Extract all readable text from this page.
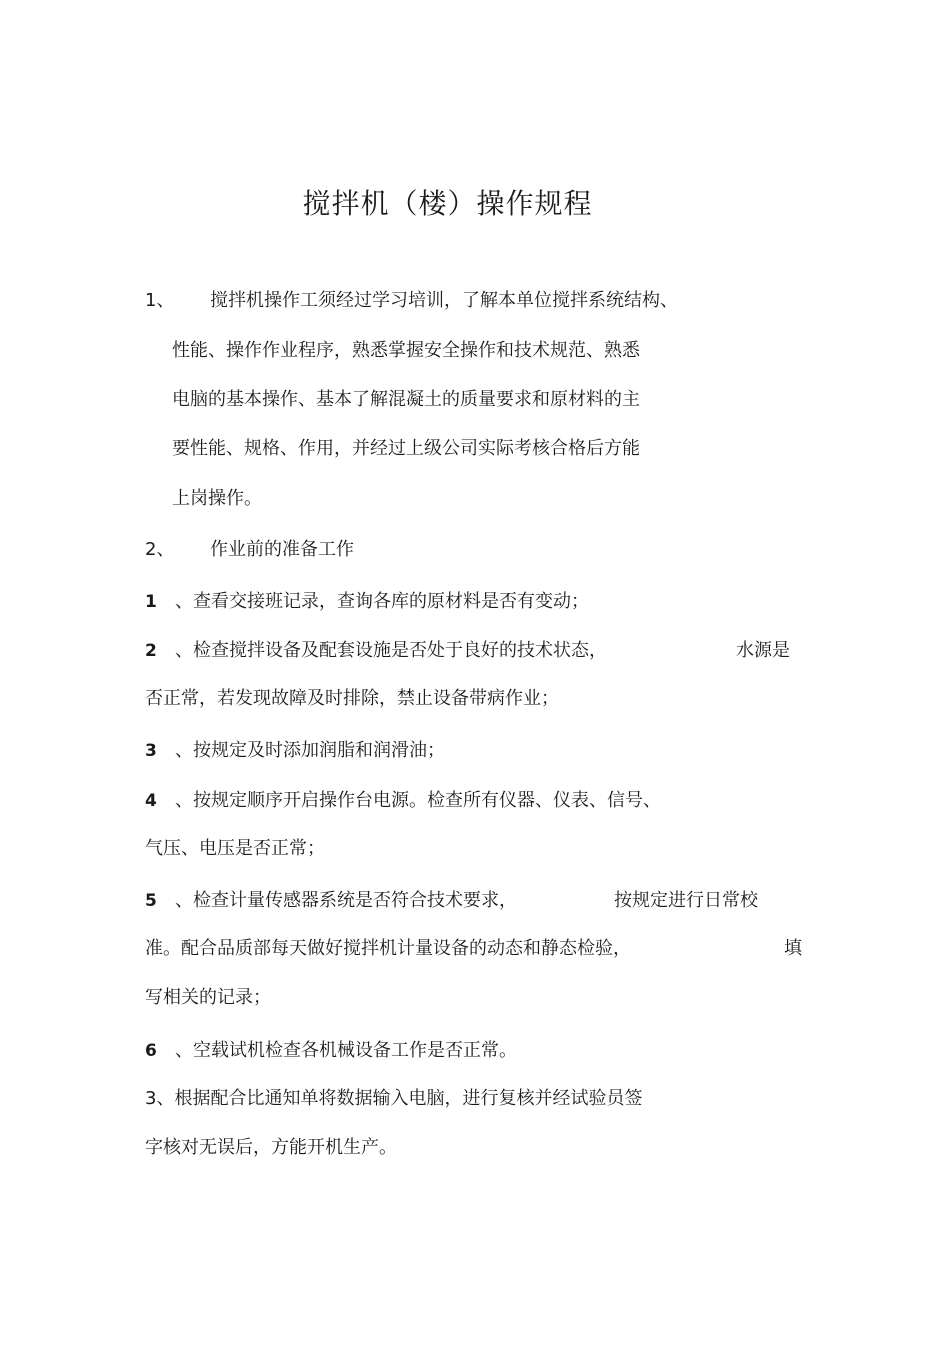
搅拌机（楼）操作规程
1、 搅拌机操作工须经过学习培训，了解本单位搅拌系统结构、
性能、操作作业程序，熟悉掌握安全操作和技术规范、熟悉
电脑的基本操作、基本了解混凝土的质量要求和原材料的主
要性能、规格、作用，并经过上级公司实际考核合格后方能
上岗操作。
2、 作业前的准备工作
1 、查看交接班记录，查询各库的原材料是否有变动；
2 、检查搅拌设备及配套设施是否处于良好的技术状态，	水源是
否正常，若发现故障及时排除，禁止设备带病作业；
3 、按规定及时添加润脂和润滑油；
4 、按规定顺序开启操作台电源。检查所有仪器、仪表、信号、
气压、电压是否正常；
5 、检查计量传感器系统是否符合技术要求，	按规定进行日常校
准。配合品质部每天做好搅拌机计量设备的动态和静态检验，	填
写相关的记录；
6 、空载试机检查各机械设备工作是否正常。
3、根据配合比通知单将数据输入电脑，进行复核并经试验员签
字核对无误后，方能开机生产。
